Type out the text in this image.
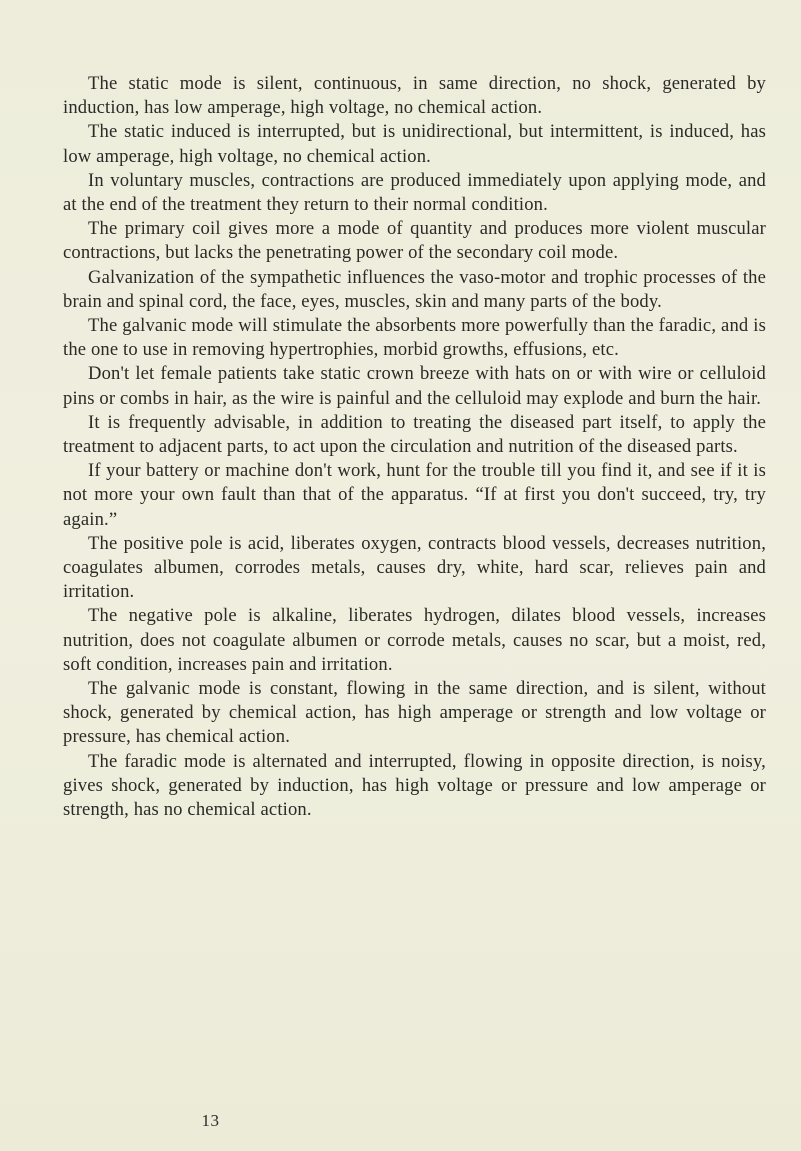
The static mode is silent, continuous, in same direction, no shock, generated by induction, has low amperage, high voltage, no chemical action.

The static induced is interrupted, but is unidirectional, but intermittent, is induced, has low amperage, high voltage, no chemical action.

In voluntary muscles, contractions are produced immediately upon applying mode, and at the end of the treatment they return to their normal condition.

The primary coil gives more a mode of quantity and produces more violent muscular contractions, but lacks the penetrating power of the secondary coil mode.

Galvanization of the sympathetic influences the vaso-motor and trophic processes of the brain and spinal cord, the face, eyes, muscles, skin and many parts of the body.

The galvanic mode will stimulate the absorbents more powerfully than the faradic, and is the one to use in removing hypertrophies, morbid growths, effusions, etc.

Don't let female patients take static crown breeze with hats on or with wire or celluloid pins or combs in hair, as the wire is painful and the celluloid may explode and burn the hair.

It is frequently advisable, in addition to treating the diseased part itself, to apply the treatment to adjacent parts, to act upon the circulation and nutrition of the diseased parts.

If your battery or machine don't work, hunt for the trouble till you find it, and see if it is not more your own fault than that of the apparatus. “If at first you don't succeed, try, try again.”

The positive pole is acid, liberates oxygen, contracts blood vessels, decreases nutrition, coagulates albumen, corrodes metals, causes dry, white, hard scar, relieves pain and irritation.

The negative pole is alkaline, liberates hydrogen, dilates blood vessels, increases nutrition, does not coagulate albumen or corrode metals, causes no scar, but a moist, red, soft condition, increases pain and irritation.

The galvanic mode is constant, flowing in the same direction, and is silent, without shock, generated by chemical action, has high amperage or strength and low voltage or pressure, has chemical action.

The faradic mode is alternated and interrupted, flowing in opposite direction, is noisy, gives shock, generated by induction, has high voltage or pressure and low amperage or strength, has no chemical action.

13
